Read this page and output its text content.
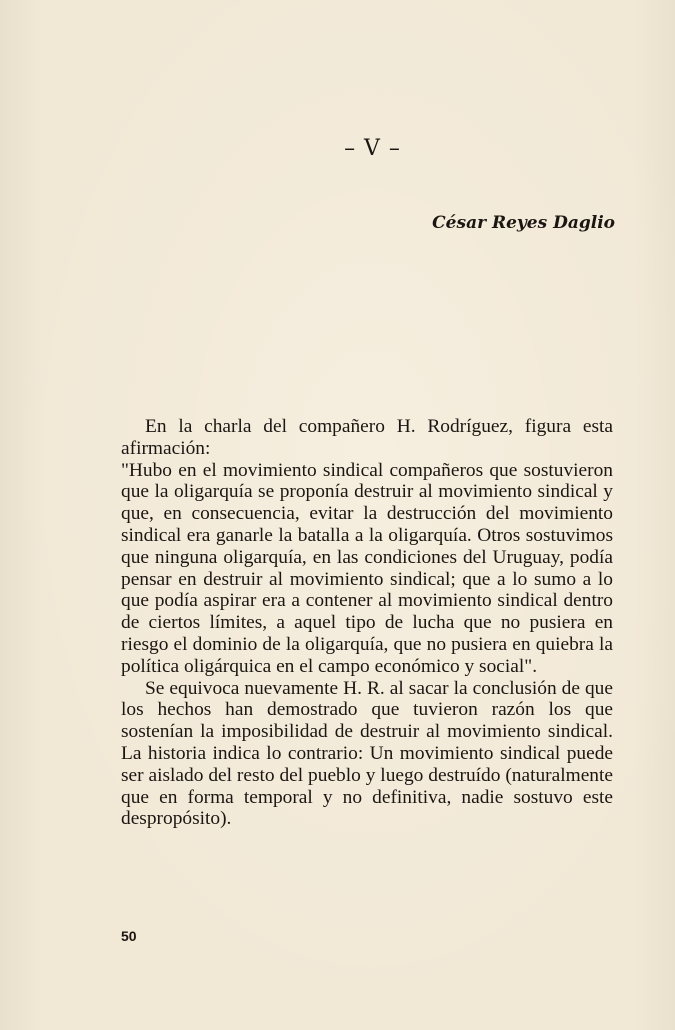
– V –
César Reyes Daglio

En la charla del compañero H. Rodríguez, figura esta afirmación:

"Hubo en el movimiento sindical compañeros que sostuvieron que la oligarquía se proponía destruir al movimiento sindical y que, en consecuencia, evitar la destrucción del movimiento sindical era ganarle la batalla a la oligarquía. Otros sostuvimos que ninguna oligarquía, en las condiciones del Uruguay, podía pensar en destruir al movimiento sindical; que a lo sumo a lo que podía aspirar era a contener al movimiento sindical dentro de ciertos límites, a aquel tipo de lucha que no pusiera en riesgo el dominio de la oligarquía, que no pusiera en quiebra la política oligárquica en el campo económico y social".

Se equivoca nuevamente H. R. al sacar la conclusión de que los hechos han demostrado que tuvieron razón los que sostenían la imposibilidad de destruir al movimiento sindical. La historia indica lo contrario: Un movimiento sindical puede ser aislado del resto del pueblo y luego destruído (naturalmente que en forma temporal y no definitiva, nadie sostuvo este despropósito).

50
